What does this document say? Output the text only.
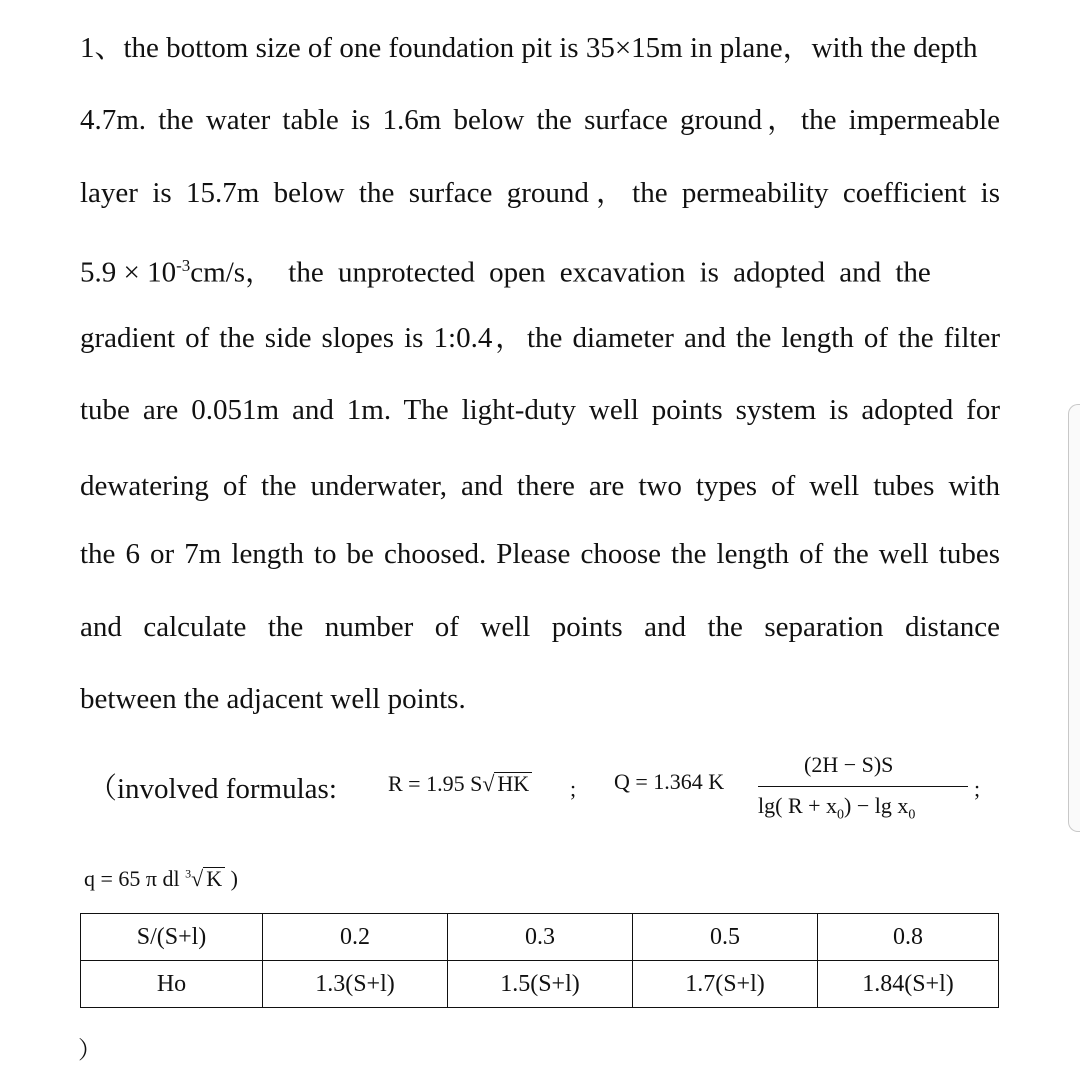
1、the bottom size of one foundation pit is 35×15m in plane，with the depth
4.7m. the water table is 1.6m below the surface ground，the impermeable
layer is 15.7m below the surface ground，the permeability coefficient is
$5.9 \times 10^{-3}cm/s$， the unprotected open excavation is adopted and the
gradient of the side slopes is 1:0.4，the diameter and the length of the filter
tube are 0.051m and 1m. The light-duty well points system is adopted for
dewatering of the underwater, and there are two types of well tubes with
the 6 or 7m length to be choosed. Please choose the length of the well tubes
and calculate the number of well points and the separation distance
between the adjacent well points.
（involved formulas: R = 1.95 S√ HK ; Q = 1.364 K
(2H − S)S
lg( $R + x_0) - \lg x_0$
;
q = 65 π dl $^3$√ K )
S/(S+l)	0.2	0.3	0.5	0.8
Ho	1.3(S+l)	1.5(S+l)	1.7(S+l)	1.84(S+l)
）
